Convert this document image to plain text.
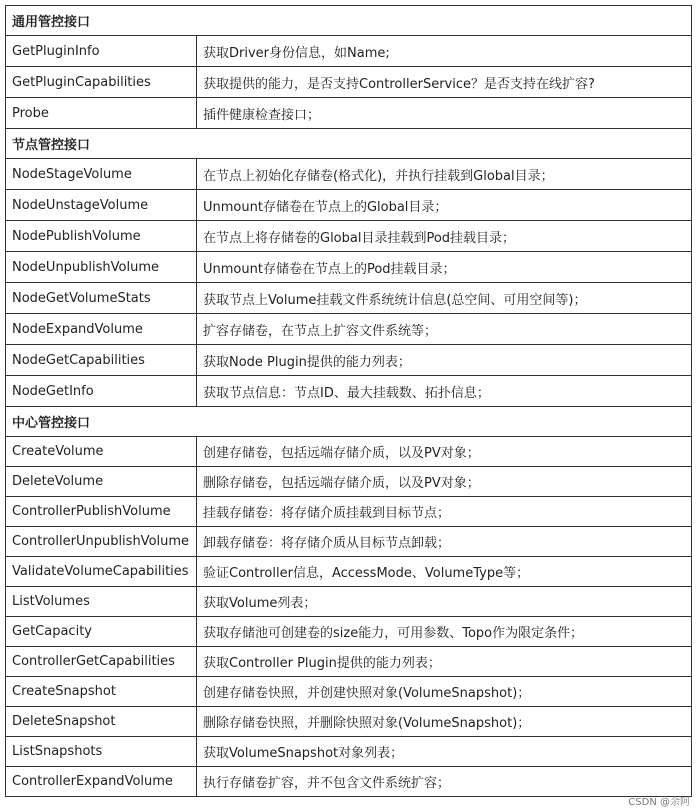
通用管控接口	
GetPluginInfo	获取Driver身份信息，如Name;
GetPluginCapabilities	获取提供的能力，是否支持ControllerService？是否支持在线扩容?
Probe	插件健康检查接口；
节点管控接口	
NodeStageVolume	在节点上初始化存储卷(格式化)，并执行挂载到Global目录；
NodeUnstageVolume	Unmount存储卷在节点上的Global目录；
NodePublishVolume	在节点上将存储卷的Global目录挂载到Pod挂载目录；
NodeUnpublishVolume	Unmount存储卷在节点上的Pod挂载目录；
NodeGetVolumeStats	获取节点上Volume挂载文件系统统计信息(总空间、可用空间等)；
NodeExpandVolume	扩容存储卷，在节点上扩容文件系统等；
NodeGetCapabilities	获取Node Plugin提供的能力列表；
NodeGetInfo	获取节点信息：节点ID、最大挂载数、拓扑信息；
中心管控接口	
CreateVolume	创建存储卷，包括远端存储介质，以及PV对象；
DeleteVolume	删除存储卷，包括远端存储介质，以及PV对象；
ControllerPublishVolume	挂载存储卷：将存储介质挂载到目标节点；
ControllerUnpublishVolume	卸载存储卷：将存储介质从目标节点卸载；
ValidateVolumeCapabilities	验证Controller信息，AccessMode、VolumeType等；
ListVolumes	获取Volume列表；
GetCapacity	获取存储池可创建卷的size能力，可用参数、Topo作为限定条件；
ControllerGetCapabilities	获取Controller Plugin提供的能力列表；
CreateSnapshot	创建存储卷快照，并创建快照对象(VolumeSnapshot)；
DeleteSnapshot	删除存储卷快照，并删除快照对象(VolumeSnapshot)；
ListSnapshots	获取VolumeSnapshot对象列表；
ControllerExpandVolume	执行存储卷扩容，并不包含文件系统扩容；
CSDN @余阿
